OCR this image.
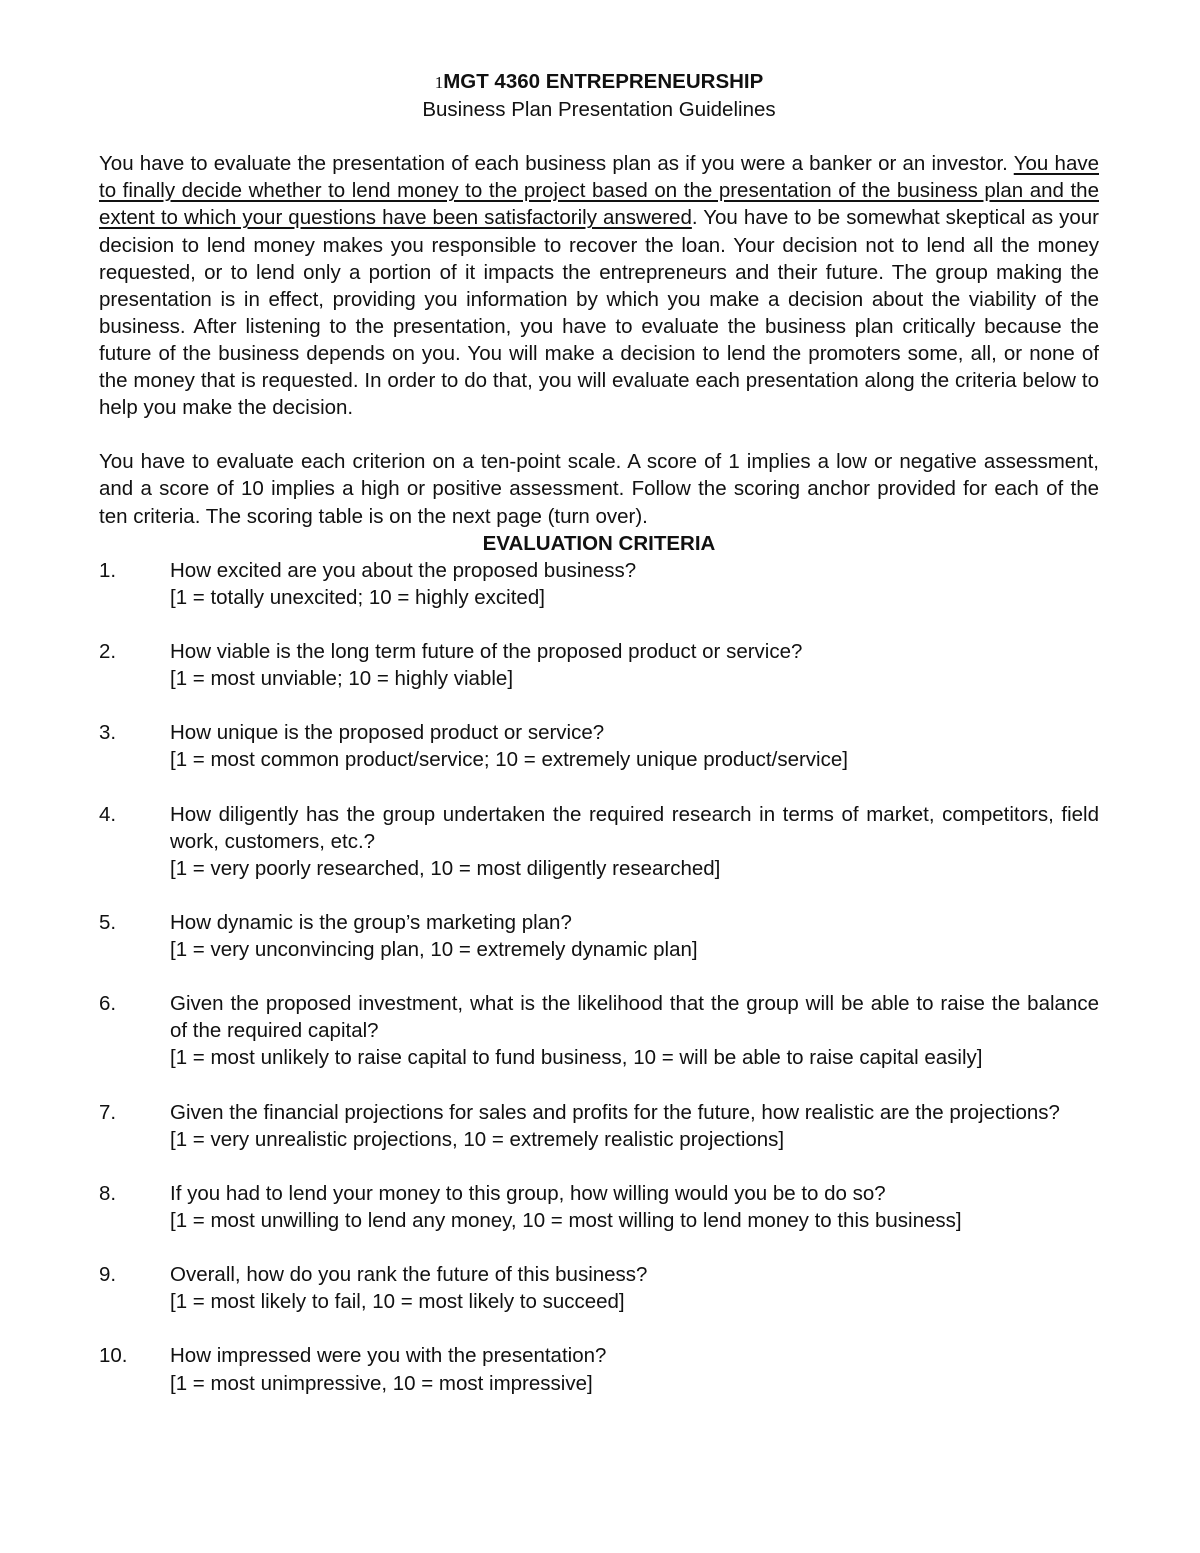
1MGT 4360 ENTREPRENEURSHIP
Business Plan Presentation Guidelines

You have to evaluate the presentation of each business plan as if you were a banker or an investor. You have to finally decide whether to lend money to the project based on the presentation of the business plan and the extent to which your questions have been satisfactorily answered. You have to be somewhat skeptical as your decision to lend money makes you responsible to recover the loan. Your decision not to lend all the money requested, or to lend only a portion of it impacts the entrepreneurs and their future. The group making the presentation is in effect, providing you information by which you make a decision about the viability of the business. After listening to the presentation, you have to evaluate the business plan critically because the future of the business depends on you. You will make a decision to lend the promoters some, all, or none of the money that is requested. In order to do that, you will evaluate each presentation along the criteria below to help you make the decision.

You have to evaluate each criterion on a ten-point scale. A score of 1 implies a low or negative assessment, and a score of 10 implies a high or positive assessment. Follow the scoring anchor provided for each of the ten criteria. The scoring table is on the next page (turn over).

EVALUATION CRITERIA
1.	How excited are you about the proposed business?
[1 = totally unexcited; 10 = highly excited]
2.	How viable is the long term future of the proposed product or service?
[1 = most unviable; 10 = highly viable]
3.	How unique is the proposed product or service?
[1 = most common product/service; 10 = extremely unique product/service]
4.	How diligently has the group undertaken the required research in terms of market, competitors, field work, customers, etc.?
[1 = very poorly researched, 10 = most diligently researched]
5.	How dynamic is the group’s marketing plan?
[1 = very unconvincing plan, 10 = extremely dynamic plan]
6.	Given the proposed investment, what is the likelihood that the group will be able to raise the balance of the required capital?
[1 = most unlikely to raise capital to fund business, 10 = will be able to raise capital easily]
7.	Given the financial projections for sales and profits for the future, how realistic are the projections?
[1 = very unrealistic projections, 10 = extremely realistic projections]
8.	If you had to lend your money to this group, how willing would you be to do so?
[1 = most unwilling to lend any money, 10 = most willing to lend money to this business]
9.	Overall, how do you rank the future of this business?
[1 = most likely to fail, 10 = most likely to succeed]
10. How impressed were you with the presentation?
[1 = most unimpressive, 10 = most impressive]
